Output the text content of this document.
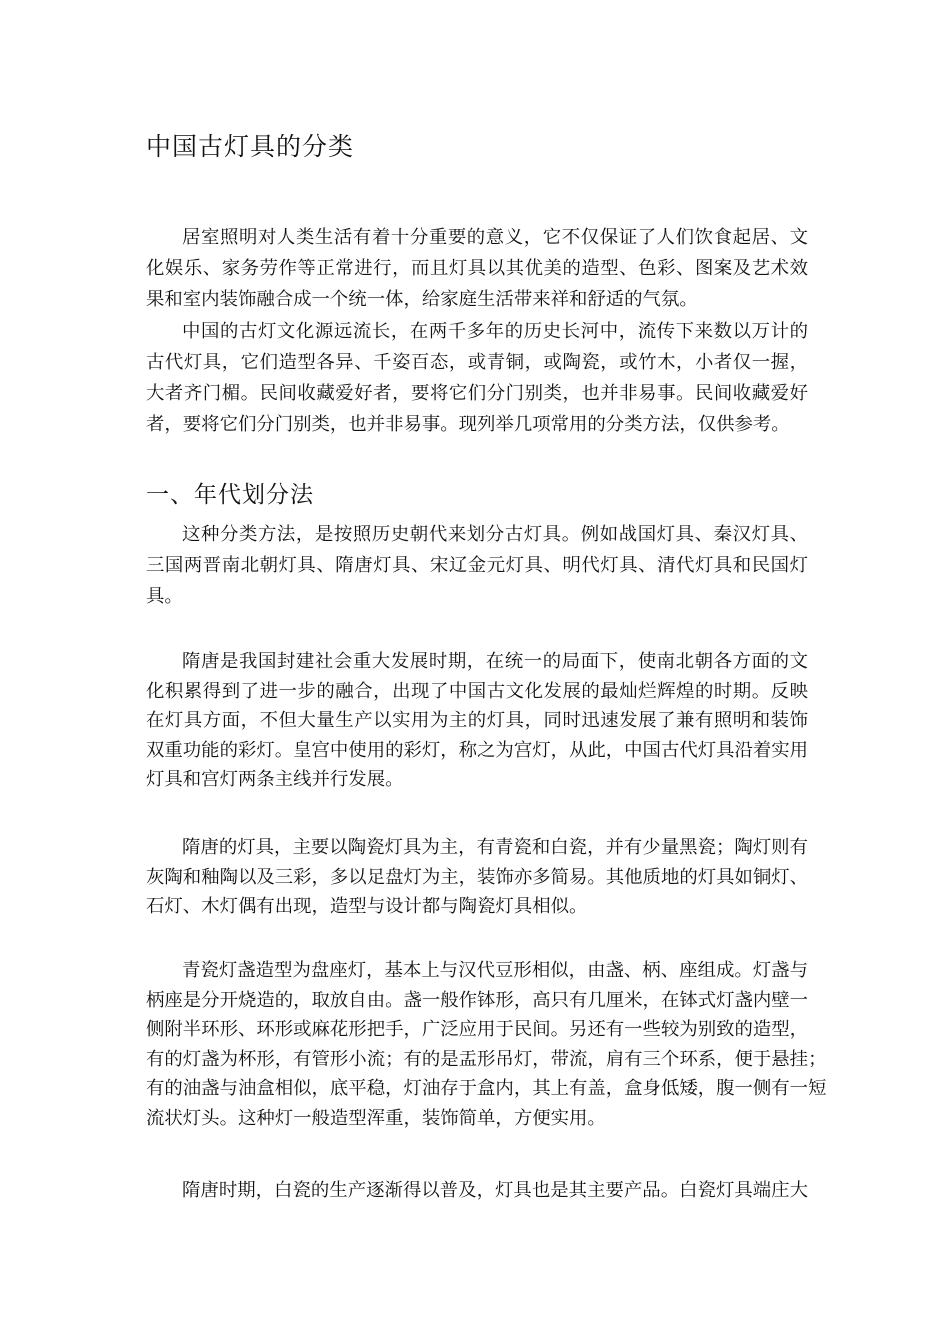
中国古灯具的分类
居室照明对人类生活有着十分重要的意义，它不仅保证了人们饮食起居、文
化娱乐、家务劳作等正常进行，而且灯具以其优美的造型、色彩、图案及艺术效
果和室内装饰融合成一个统一体，给家庭生活带来祥和舒适的气氛。
中国的古灯文化源远流长，在两千多年的历史长河中，流传下来数以万计的
古代灯具，它们造型各异、千姿百态，或青铜，或陶瓷，或竹木，小者仅一握，
大者齐门楣。民间收藏爱好者，要将它们分门别类，也并非易事。民间收藏爱好
者，要将它们分门别类，也并非易事。现列举几项常用的分类方法，仅供参考。
一、年代划分法
这种分类方法，是按照历史朝代来划分古灯具。例如战国灯具、秦汉灯具、
三国两晋南北朝灯具、隋唐灯具、宋辽金元灯具、明代灯具、清代灯具和民国灯
具。
隋唐是我国封建社会重大发展时期，在统一的局面下，使南北朝各方面的文
化积累得到了进一步的融合，出现了中国古文化发展的最灿烂辉煌的时期。反映
在灯具方面，不但大量生产以实用为主的灯具，同时迅速发展了兼有照明和装饰
双重功能的彩灯。皇宫中使用的彩灯，称之为宫灯，从此，中国古代灯具沿着实用
灯具和宫灯两条主线并行发展。
隋唐的灯具，主要以陶瓷灯具为主，有青瓷和白瓷，并有少量黑瓷；陶灯则有
灰陶和釉陶以及三彩，多以足盘灯为主，装饰亦多简易。其他质地的灯具如铜灯、
石灯、木灯偶有出现，造型与设计都与陶瓷灯具相似。
青瓷灯盏造型为盘座灯，基本上与汉代豆形相似，由盏、柄、座组成。灯盏与
柄座是分开烧造的，取放自由。盏一般作钵形，高只有几厘米，在钵式灯盏内壁一
侧附半环形、环形或麻花形把手，广泛应用于民间。另还有一些较为别致的造型，
有的灯盏为杯形，有管形小流；有的是盂形吊灯，带流，肩有三个环系，便于悬挂；
有的油盏与油盒相似，底平稳，灯油存于盒内，其上有盖，盒身低矮，腹一侧有一短
流状灯头。这种灯一般造型浑重，装饰简单，方便实用。
隋唐时期，白瓷的生产逐渐得以普及，灯具也是其主要产品。白瓷灯具端庄大
